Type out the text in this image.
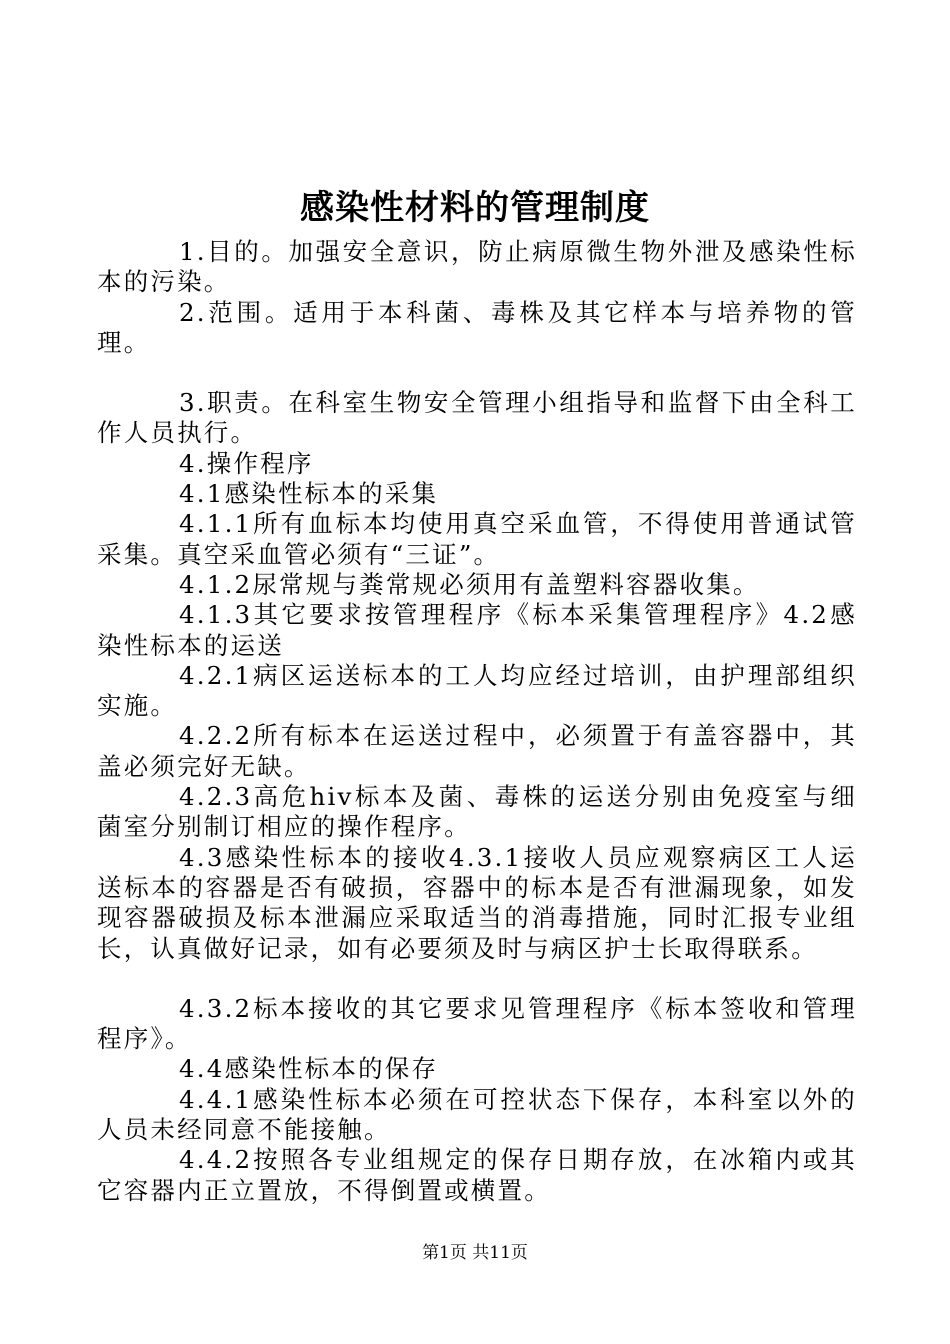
感染性材料的管理制度

1.目的。加强安全意识，防止病原微生物外泄及感染性标本的污染。

2.范围。适用于本科菌、毒株及其它样本与培养物的管理。

3.职责。在科室生物安全管理小组指导和监督下由全科工作人员执行。

4.操作程序

4.1感染性标本的采集

4.1.1所有血标本均使用真空采血管，不得使用普通试管采集。真空采血管必须有“三证”。

4.1.2尿常规与粪常规必须用有盖塑料容器收集。

4.1.3其它要求按管理程序《标本采集管理程序》4.2感染性标本的运送

4.2.1病区运送标本的工人均应经过培训，由护理部组织实施。

4.2.2所有标本在运送过程中，必须置于有盖容器中，其盖必须完好无缺。

4.2.3高危hiv标本及菌、毒株的运送分别由免疫室与细菌室分别制订相应的操作程序。

4.3感染性标本的接收4.3.1接收人员应观察病区工人运送标本的容器是否有破损，容器中的标本是否有泄漏现象，如发现容器破损及标本泄漏应采取适当的消毒措施，同时汇报专业组长，认真做好记录，如有必要须及时与病区护士长取得联系。

4.3.2标本接收的其它要求见管理程序《标本签收和管理程序》。

4.4感染性标本的保存

4.4.1感染性标本必须在可控状态下保存，本科室以外的人员未经同意不能接触。

4.4.2按照各专业组规定的保存日期存放，在冰箱内或其它容器内正立置放，不得倒置或横置。

第1页 共11页
